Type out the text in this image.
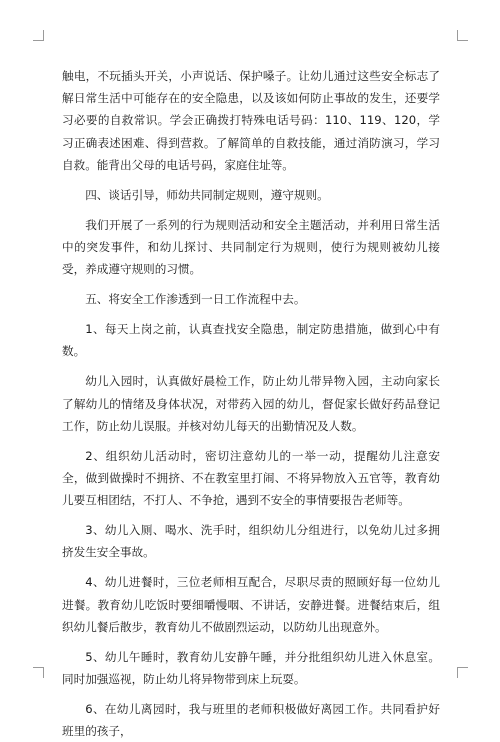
触电，不玩插头开关，小声说话、保护嗓子。让幼儿通过这些安全标志了解日常生活中可能存在的安全隐患，以及该如何防止事故的发生，还要学习必要的自救常识。学会正确拨打特殊电话号码：110、119、120，学习正确表述困难、得到营救。了解简单的自救技能，通过消防演习，学习自救。能背出父母的电话号码，家庭住址等。

四、谈话引导，师幼共同制定规则，遵守规则。

我们开展了一系列的行为规则活动和安全主题活动，并利用日常生活中的突发事件，和幼儿探讨、共同制定行为规则，使行为规则被幼儿接受，养成遵守规则的习惯。

五、将安全工作渗透到一日工作流程中去。

1、每天上岗之前，认真查找安全隐患，制定防患措施，做到心中有数。

幼儿入园时，认真做好晨检工作，防止幼儿带异物入园，主动向家长了解幼儿的情绪及身体状况，对带药入园的幼儿，督促家长做好药品登记工作，防止幼儿误服。并核对幼儿每天的出勤情况及人数。

2、组织幼儿活动时，密切注意幼儿的一举一动，提醒幼儿注意安全，做到做操时不拥挤、不在教室里打闹、不将异物放入五官等，教育幼儿要互相团结，不打人、不争抢，遇到不安全的事情要报告老师等。

3、幼儿入厕、喝水、洗手时，组织幼儿分组进行，以免幼儿过多拥挤发生安全事故。

4、幼儿进餐时，三位老师相互配合，尽职尽责的照顾好每一位幼儿进餐。教育幼儿吃饭时要细嚼慢咽、不讲话，安静进餐。进餐结束后，组织幼儿餐后散步，教育幼儿不做剧烈运动，以防幼儿出现意外。

5、幼儿午睡时，教育幼儿安静午睡，并分批组织幼儿进入休息室。同时加强巡视，防止幼儿将异物带到床上玩耍。

6、在幼儿离园时，我与班里的老师积极做好离园工作。共同看护好班里的孩子，
